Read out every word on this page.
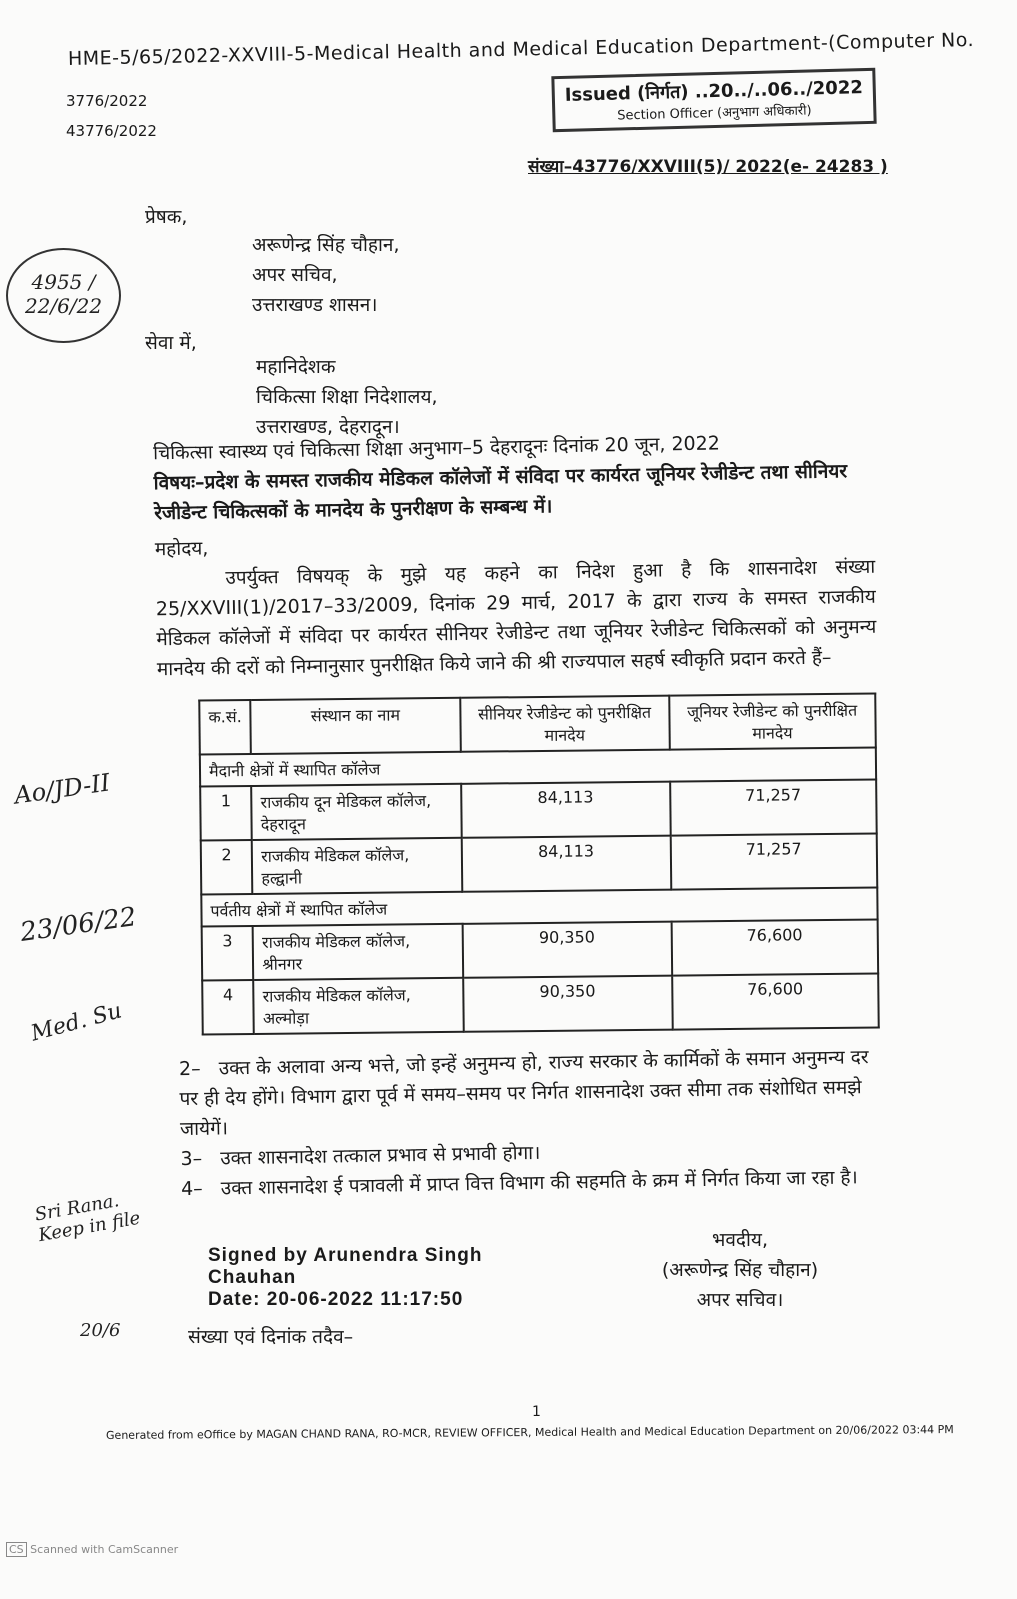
HME-5/65/2022-XXVIII-5-Medical Health and Medical Education Department-(Computer No.
3776/2022
43776/2022
Issued (निर्गत) ..20../..06../2022
Section Officer (अनुभाग अधिकारी)
संख्या–43776/XXVIII(5)/ 2022(e- 24283 )
4955 / 22/6/22
प्रेषक,
अरूणेन्द्र सिंह चौहान,
अपर सचिव,
उत्तराखण्ड शासन।
सेवा में,
महानिदेशक
चिकित्सा शिक्षा निदेशालय,
उत्तराखण्ड, देहरादून।
चिकित्सा स्वास्थ्य एवं चिकित्सा शिक्षा अनुभाग–5 देहरादूनः दिनांक 20 जून, 2022
विषयः–प्रदेश के समस्त राजकीय मेडिकल कॉलेजों में संविदा पर कार्यरत जूनियर रेजीडेन्ट तथा सीनियर रेजीडेन्ट चिकित्सकों के मानदेय के पुनरीक्षण के सम्बन्ध में।
महोदय,
उपर्युक्त विषयक् के मुझे यह कहने का निदेश हुआ है कि शासनादेश संख्या 25/XXVIII(1)/2017–33/2009, दिनांक 29 मार्च, 2017 के द्वारा राज्य के समस्त राजकीय मेडिकल कॉलेजों में संविदा पर कार्यरत सीनियर रेजीडेन्ट तथा जूनियर रेजीडेन्ट चिकित्सकों को अनुमन्य मानदेय की दरों को निम्नानुसार पुनरीक्षित किये जाने की श्री राज्यपाल सहर्ष स्वीकृति प्रदान करते हैं–
क.सं.	संस्थान का नाम	सीनियर रेजीडेन्ट को पुनरीक्षित मानदेय	जूनियर रेजीडेन्ट को पुनरीक्षित मानदेय
मैदानी क्षेत्रों में स्थापित कॉलेज			
1	राजकीय दून मेडिकल कॉलेज, देहरादून	84,113	71,257
2	राजकीय मेडिकल कॉलेज, हल्द्वानी	84,113	71,257
पर्वतीय क्षेत्रों में स्थापित कॉलेज			
3	राजकीय मेडिकल कॉलेज, श्रीनगर	90,350	76,600
4	राजकीय मेडिकल कॉलेज, अल्मोड़ा	90,350	76,600
Ao/JD-II
23/06/22
Med. Su
2– उक्त के अलावा अन्य भत्ते, जो इन्हें अनुमन्य हो, राज्य सरकार के कार्मिकों के समान अनुमन्य दर पर ही देय होंगे। विभाग द्वारा पूर्व में समय–समय पर निर्गत शासनादेश उक्त सीमा तक संशोधित समझे जायेगें।
3– उक्त शासनादेश तत्काल प्रभाव से प्रभावी होगा।
4– उक्त शासनादेश ई पत्रावली में प्राप्त वित्त विभाग की सहमति के क्रम में निर्गत किया जा रहा है।
Sri Rana. Keep in file
20/6
Signed by Arunendra Singh
Chauhan
Date: 20-06-2022 11:17:50
भवदीय,
(अरूणेन्द्र सिंह चौहान)
अपर सचिव।
संख्या एवं दिनांक तदैव–
1
Generated from eOffice by MAGAN CHAND RANA, RO-MCR, REVIEW OFFICER, Medical Health and Medical Education Department on 20/06/2022 03:44 PM
CS Scanned with CamScanner
